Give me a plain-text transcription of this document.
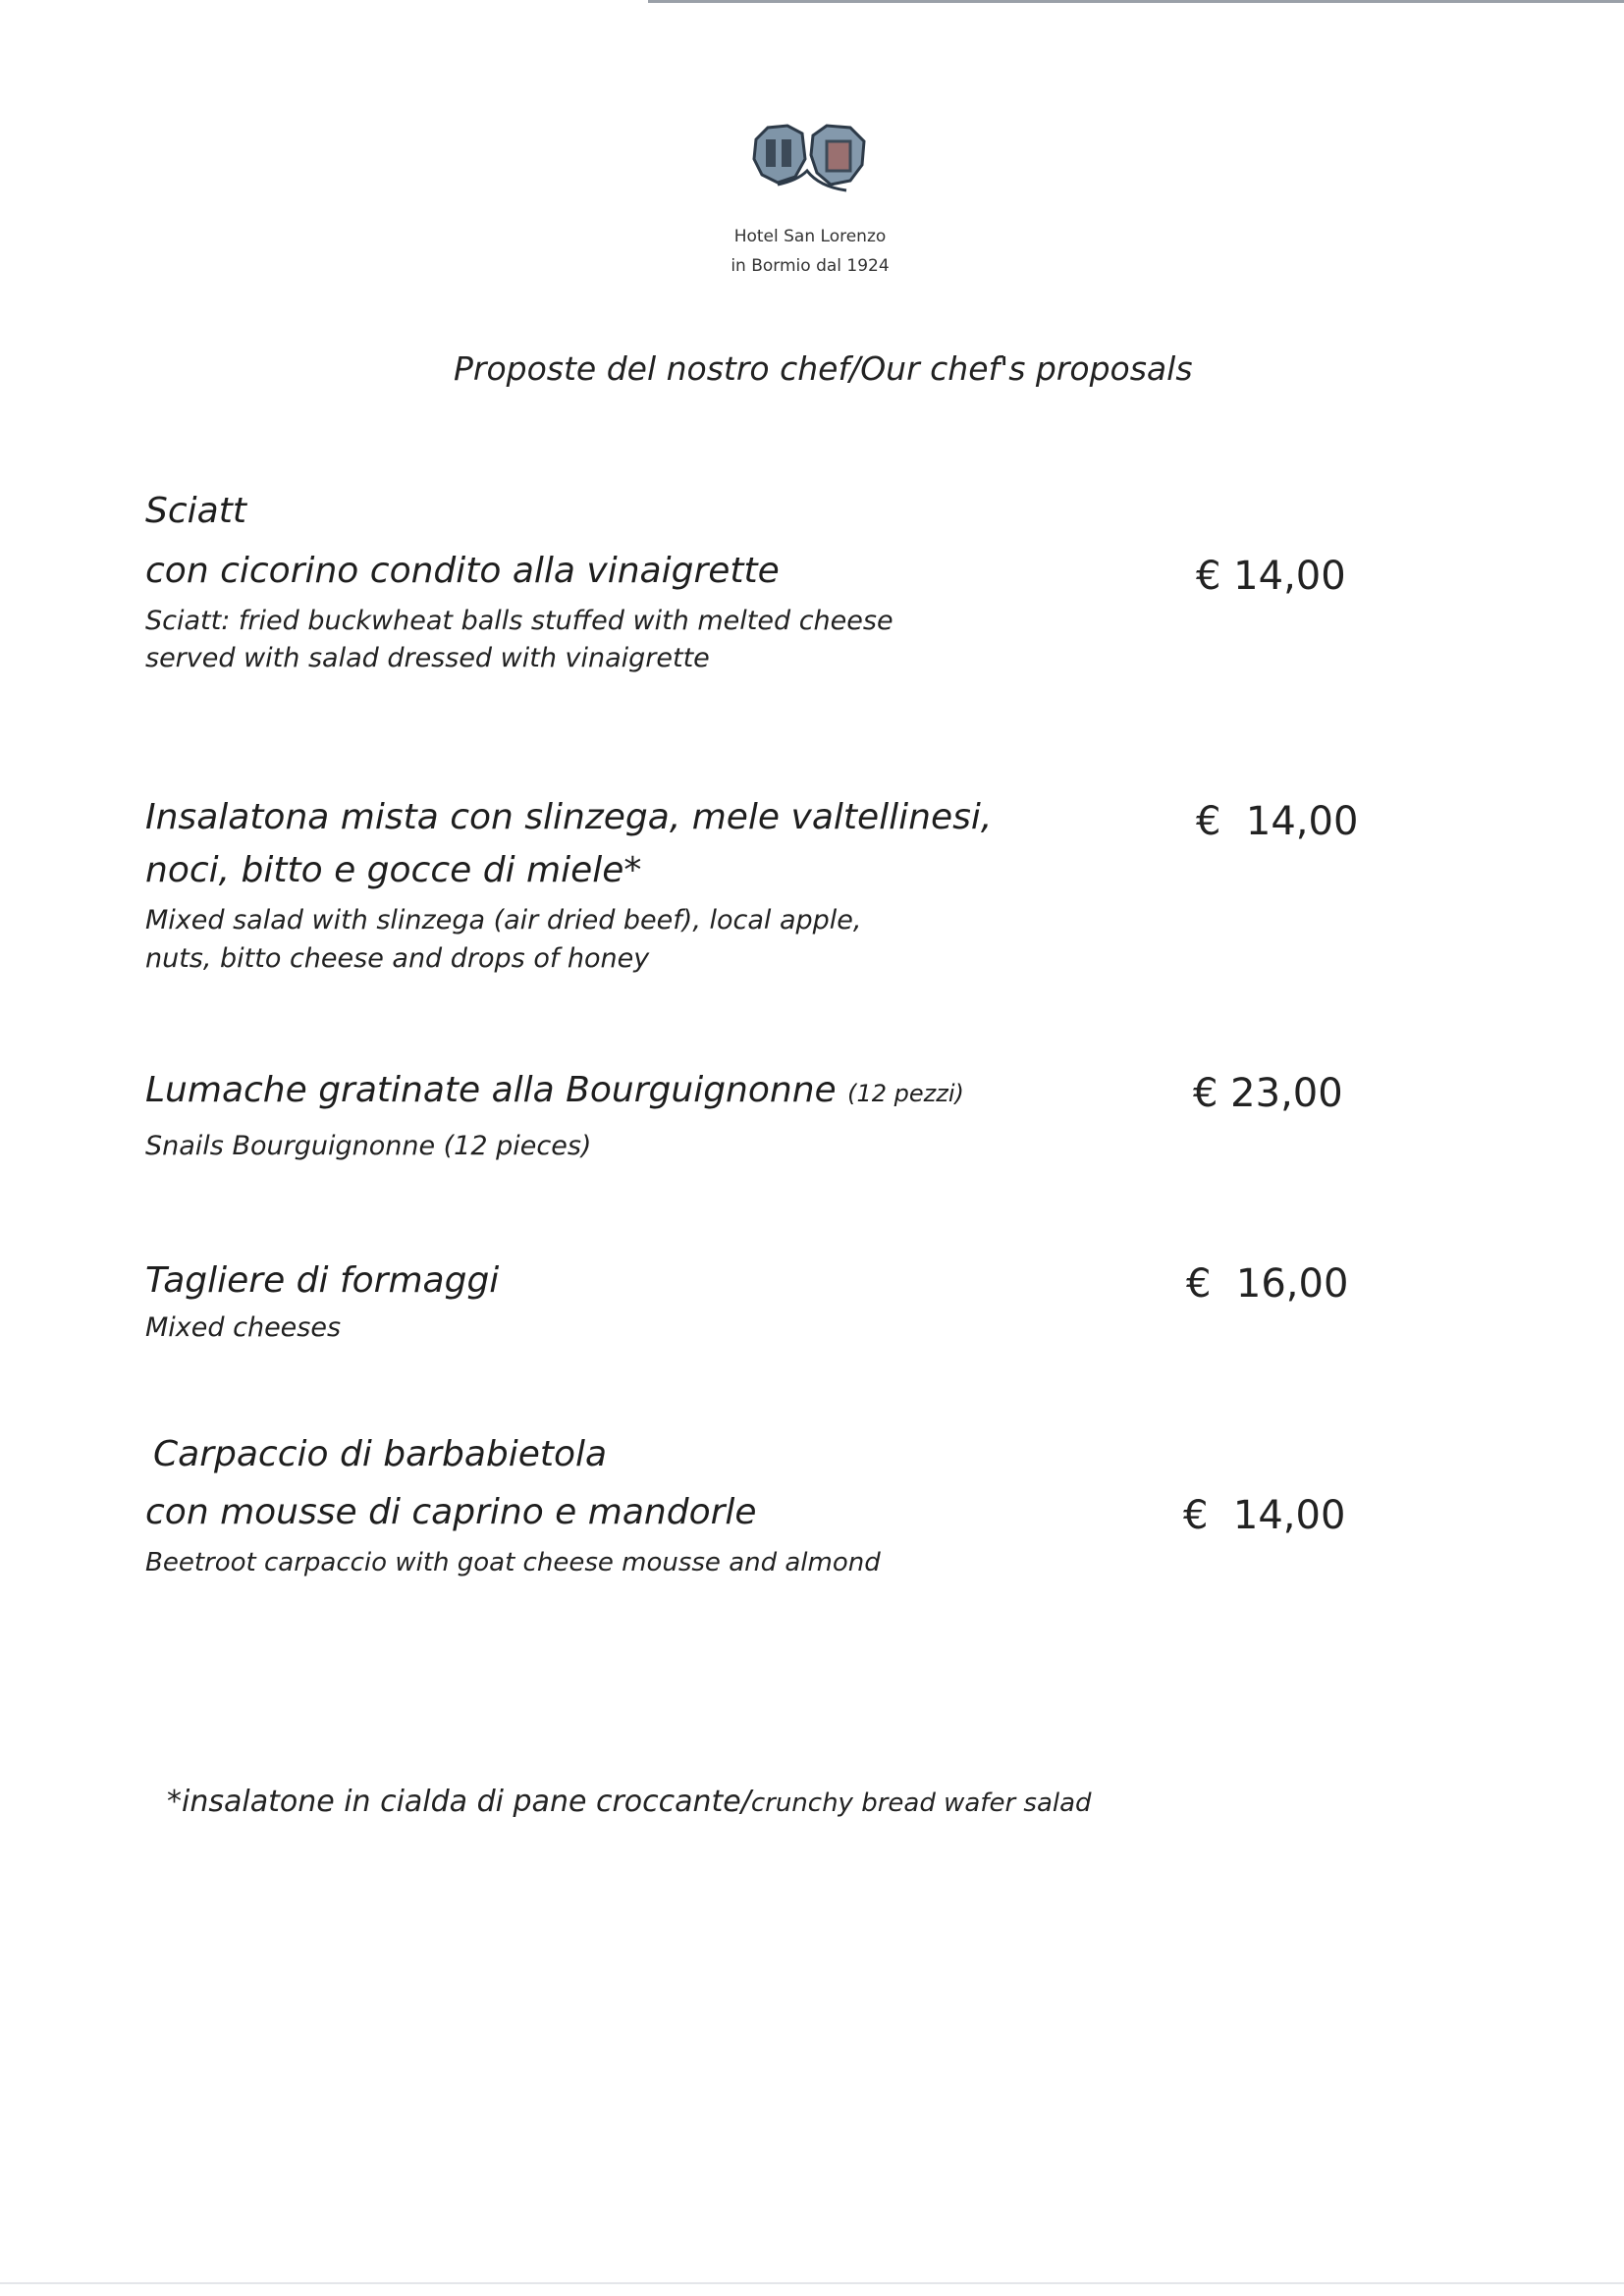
Hotel San Lorenzo
in Bormio dal 1924
Proposte del nostro chef/Our chef's proposals
Sciatt
con cicorino condito alla vinaigrette
Sciatt: fried buckwheat balls stuffed with melted cheese
served with salad dressed with vinaigrette
€ 14,00
Insalatona mista con slinzega, mele valtellinesi,
noci, bitto e gocce di miele*
Mixed salad with slinzega (air dried beef), local apple,
nuts, bitto cheese and drops of honey
€  14,00
Lumache gratinate alla Bourguignonne (12 pezzi)
Snails Bourguignonne (12 pieces)
€ 23,00
Tagliere di formaggi
Mixed cheeses
€  16,00
Carpaccio di barbabietola
con mousse di caprino e mandorle
Beetroot carpaccio with goat cheese mousse and almond
€  14,00
*insalatone in cialda di pane croccante/crunchy bread wafer salad
